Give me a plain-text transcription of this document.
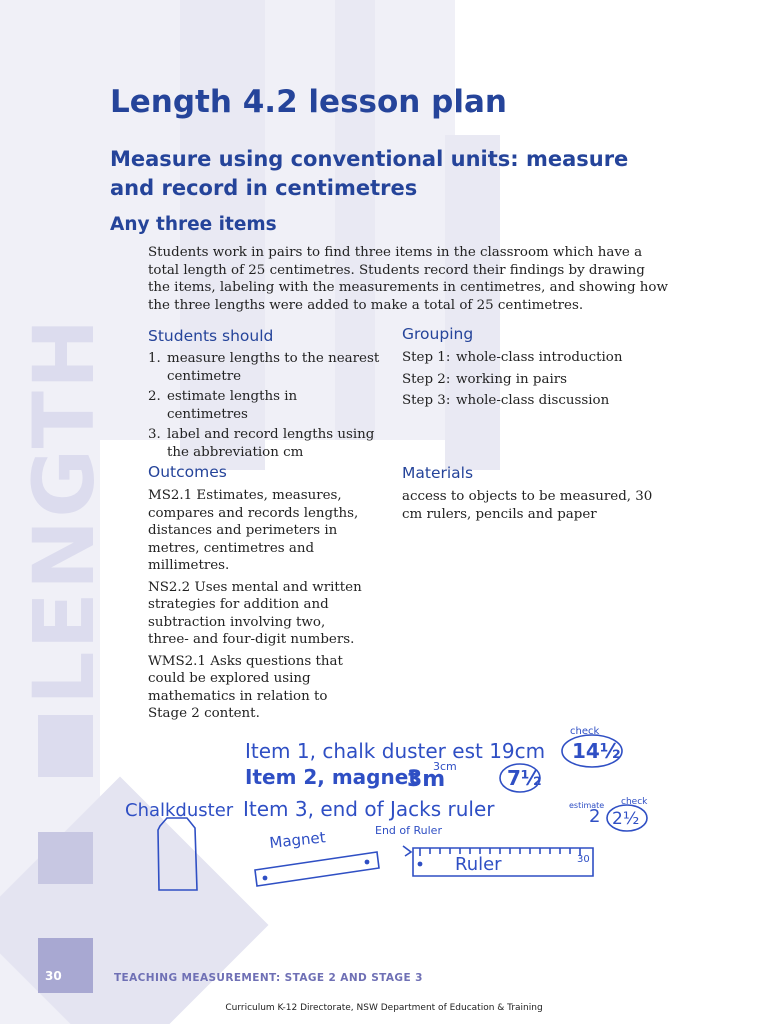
LENGTH
Length 4.2 lesson plan
Measure using conventional units: measure and record in centimetres
Any three items

Students work in pairs to find three items in the classroom which have a total length of 25 centimetres. Students record their findings by drawing the items, labeling with the measurements in centimetres, and showing how the three lengths were added to make a total of 25 centimetres.

Students should
1. measure lengths to the nearest centimetre
2. estimate lengths in centimetres
3. label and record lengths using the abbreviation cm
Grouping
Step 1: whole-class introduction
Step 2: working in pairs
Step 3: whole-class discussion
Outcomes

MS2.1 Estimates, measures, compares and records lengths, distances and perimeters in metres, centimetres and millimetres.

NS2.2 Uses mental and written strategies for addition and subtraction involving two, three- and four-digit numbers.

WMS2.1 Asks questions that could be explored using mathematics in relation to Stage 2 content.

Materials

access to objects to be measured, 30 cm rulers, pencils and paper

Item 1, chalk duster est 19cm
check
14½
Item 2, magnet
3m
3cm	7½
Chalkduster Item 3, end of Jacks ruler	2
estimate check
2½
Magnet	End of Ruler
Ruler	30
30	TEACHING MEASUREMENT: STAGE 2 AND STAGE 3
Curriculum K-12 Directorate, NSW Department of Education & Training
